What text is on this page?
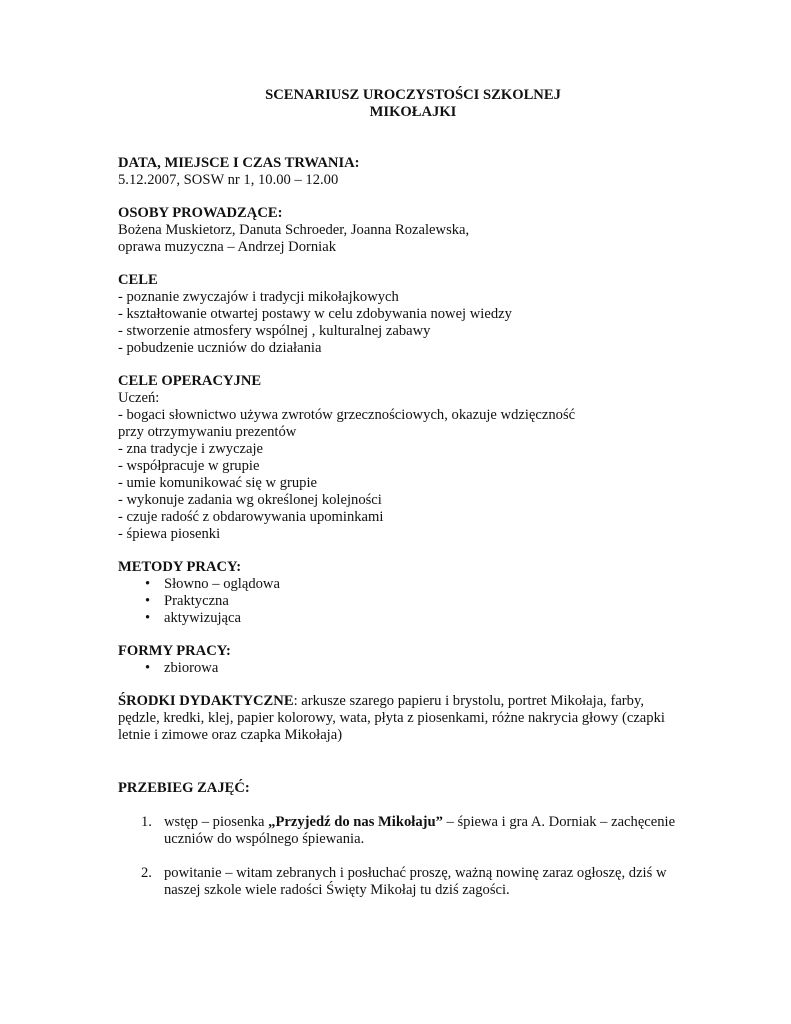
SCENARIUSZ UROCZYSTOŚCI SZKOLNEJ

MIKOŁAJKI

DATA, MIEJSCE I CZAS TRWANIA:

5.12.2007, SOSW nr 1, 10.00 – 12.00

OSOBY PROWADZĄCE:

Bożena Muskietorz, Danuta Schroeder, Joanna Rozalewska,

oprawa muzyczna – Andrzej Dorniak

CELE

- poznanie zwyczajów i tradycji mikołajkowych

- kształtowanie otwartej postawy w celu zdobywania nowej wiedzy

- stworzenie atmosfery wspólnej , kulturalnej zabawy

- pobudzenie uczniów do działania

CELE OPERACYJNE

Uczeń:

- bogaci słownictwo używa zwrotów grzecznościowych, okazuje wdzięczność

przy otrzymywaniu prezentów

- zna tradycje i zwyczaje

- współpracuje w grupie

- umie komunikować się w grupie

- wykonuje zadania wg określonej kolejności

- czuje radość z obdarowywania upominkami

- śpiewa piosenki

METODY PRACY:

• Słowno – oglądowa
• Praktyczna
• aktywizująca

FORMY PRACY:

• zbiorowa

ŚRODKI DYDAKTYCZNE: arkusze szarego papieru i brystolu, portret Mikołaja, farby, pędzle, kredki, klej, papier kolorowy, wata, płyta z piosenkami, różne nakrycia głowy (czapki letnie i zimowe oraz czapka Mikołaja)

PRZEBIEG ZAJĘĆ:

1. wstęp – piosenka „Przyjedź do nas Mikołaju” – śpiewa i gra A. Dorniak – zachęcenie uczniów do wspólnego śpiewania.
2. powitanie – witam zebranych i posłuchać proszę, ważną nowinę zaraz ogłoszę, dziś w naszej szkole wiele radości Święty Mikołaj tu dziś zagości.
